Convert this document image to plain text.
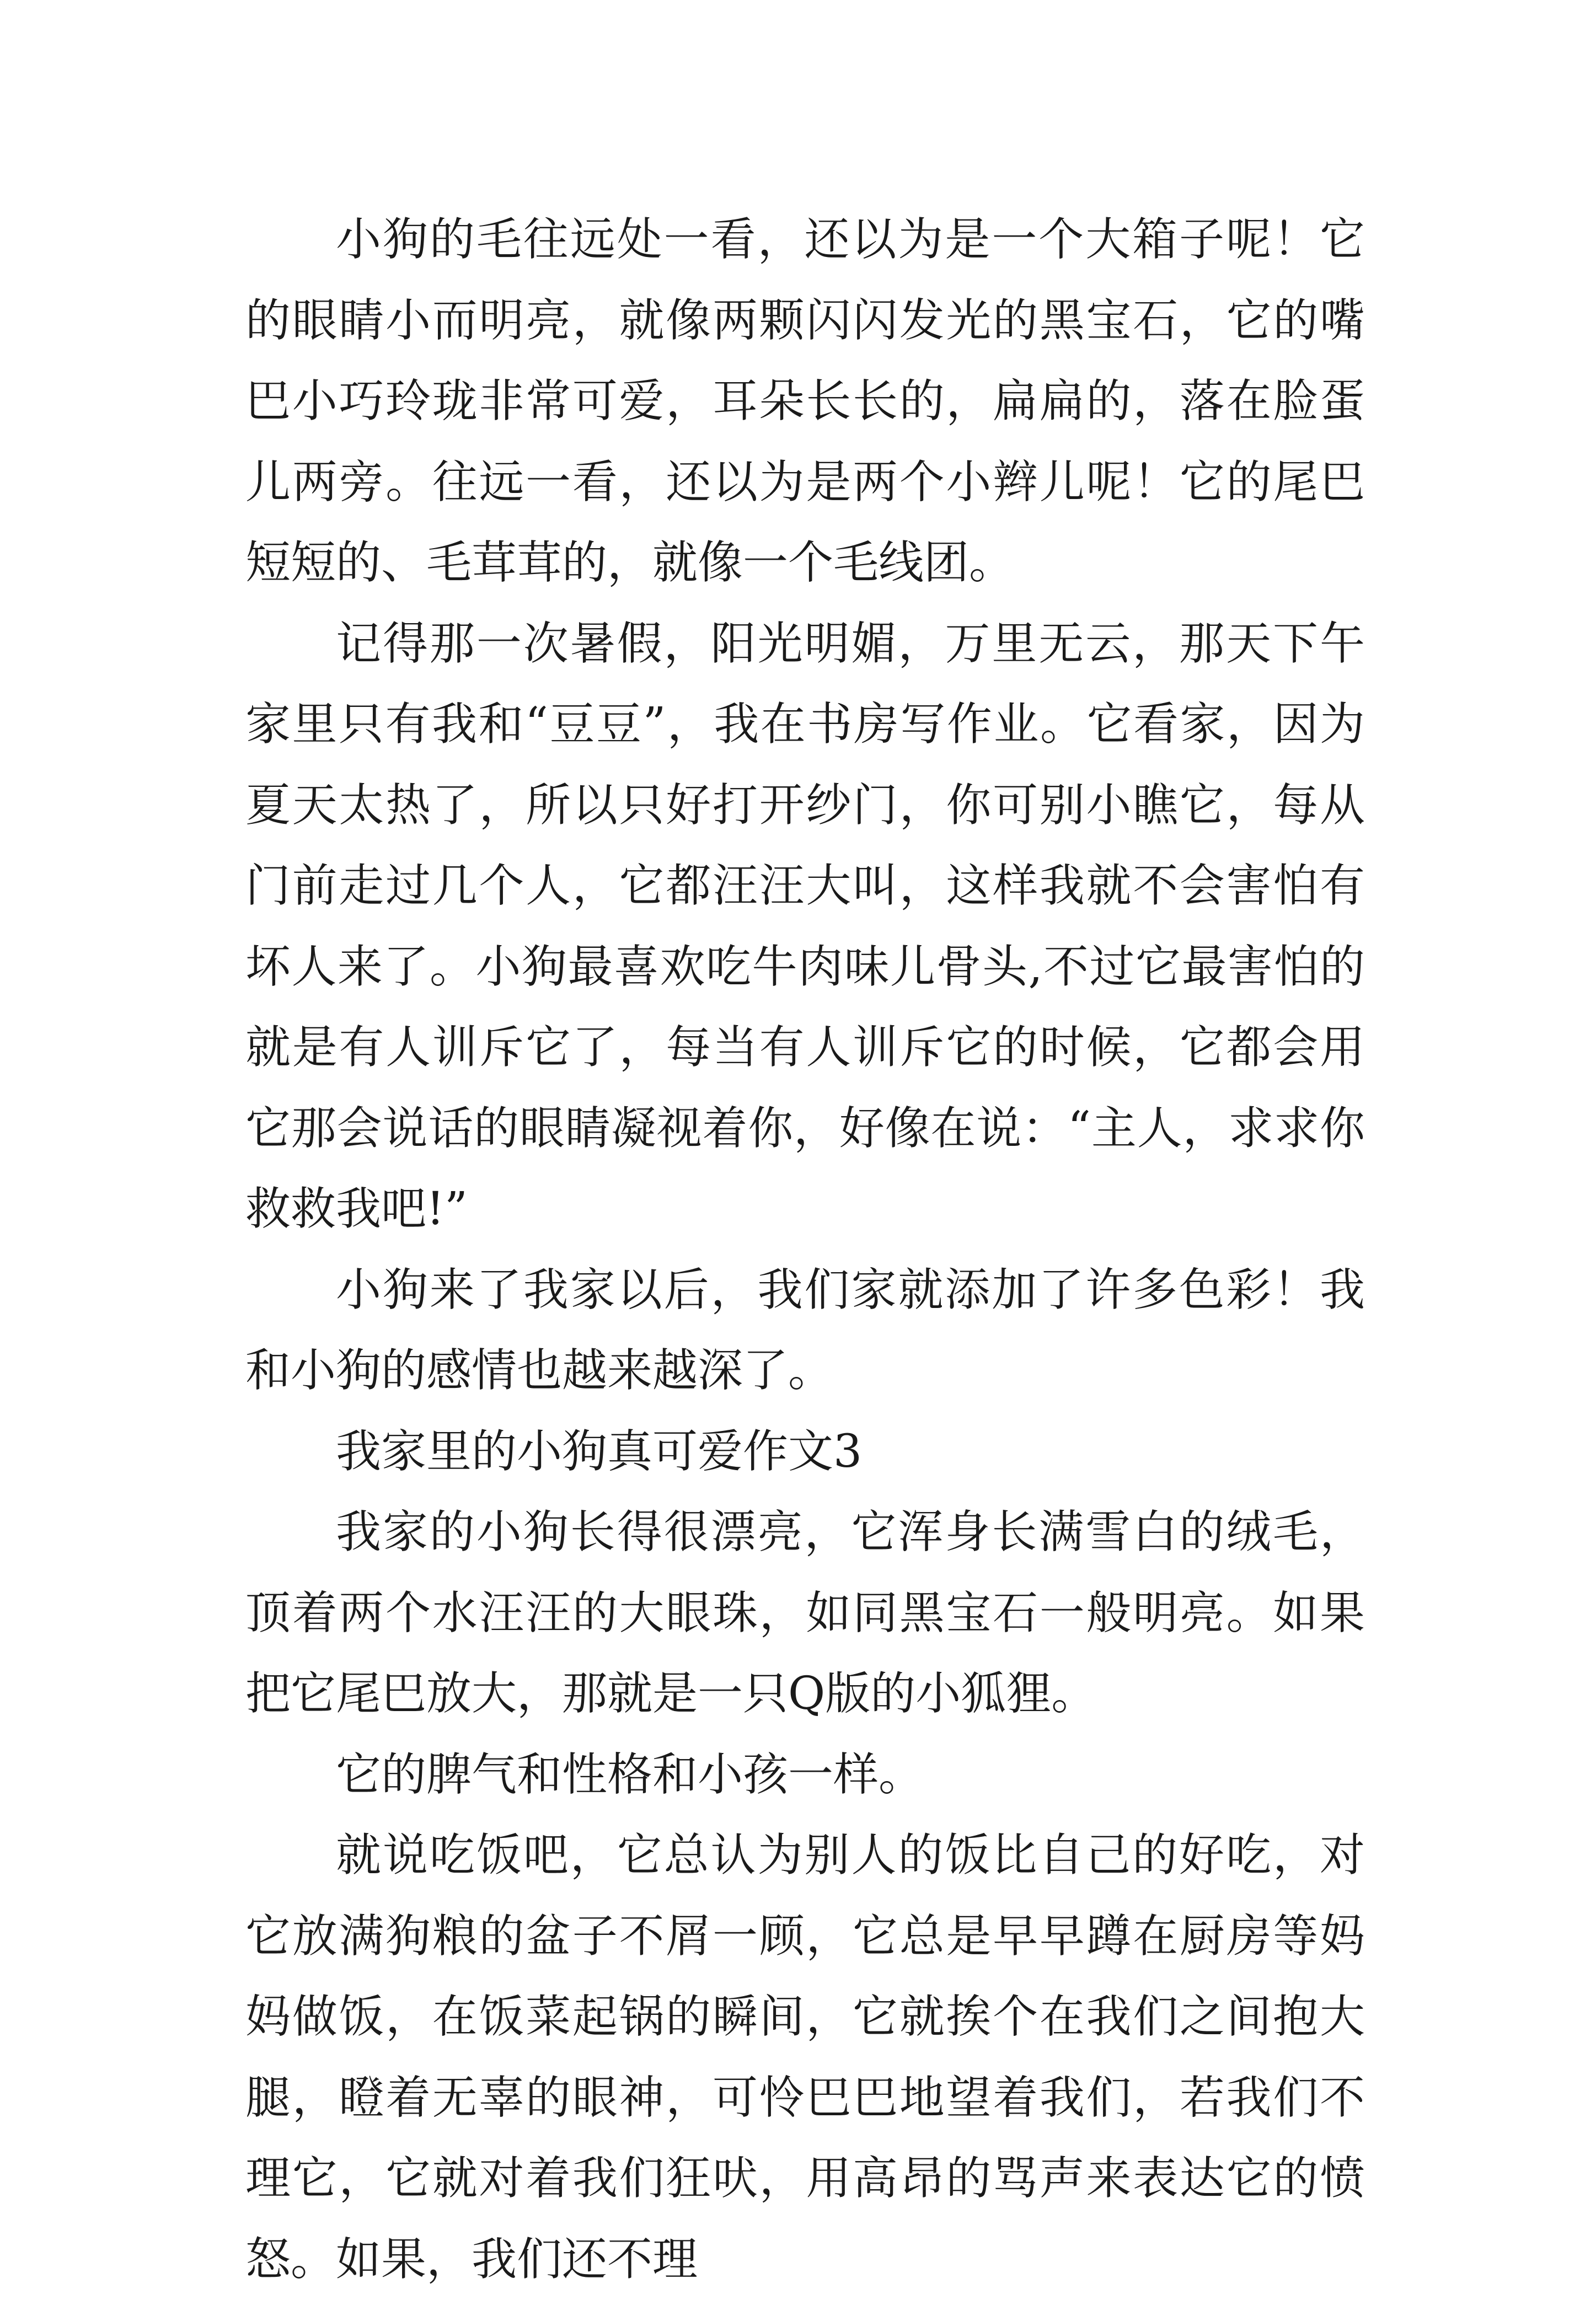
小狗的毛往远处一看，还以为是一个大箱子呢！它的眼睛小而明亮，就像两颗闪闪发光的黑宝石，它的嘴巴小巧玲珑非常可爱，耳朵长长的，扁扁的，落在脸蛋儿两旁。往远一看，还以为是两个小辫儿呢！它的尾巴短短的、毛茸茸的，就像一个毛线团。

记得那一次暑假，阳光明媚，万里无云，那天下午家里只有我和“豆豆”，我在书房写作业。它看家，因为夏天太热了，所以只好打开纱门，你可别小瞧它，每从门前走过几个人，它都汪汪大叫，这样我就不会害怕有坏人来了。小狗最喜欢吃牛肉味儿骨头,不过它最害怕的就是有人训斥它了，每当有人训斥它的时候，它都会用它那会说话的眼睛凝视着你，好像在说：“主人，求求你救救我吧!”

小狗来了我家以后，我们家就添加了许多色彩！我和小狗的感情也越来越深了。

我家里的小狗真可爱作文3

我家的小狗长得很漂亮，它浑身长满雪白的绒毛，顶着两个水汪汪的大眼珠，如同黑宝石一般明亮。如果把它尾巴放大，那就是一只Q版的小狐狸。

它的脾气和性格和小孩一样。

就说吃饭吧，它总认为别人的饭比自己的好吃，对它放满狗粮的盆子不屑一顾，它总是早早蹲在厨房等妈妈做饭，在饭菜起锅的瞬间，它就挨个在我们之间抱大腿，瞪着无辜的眼神，可怜巴巴地望着我们，若我们不理它，它就对着我们狂吠，用高昂的骂声来表达它的愤怒。如果，我们还不理
